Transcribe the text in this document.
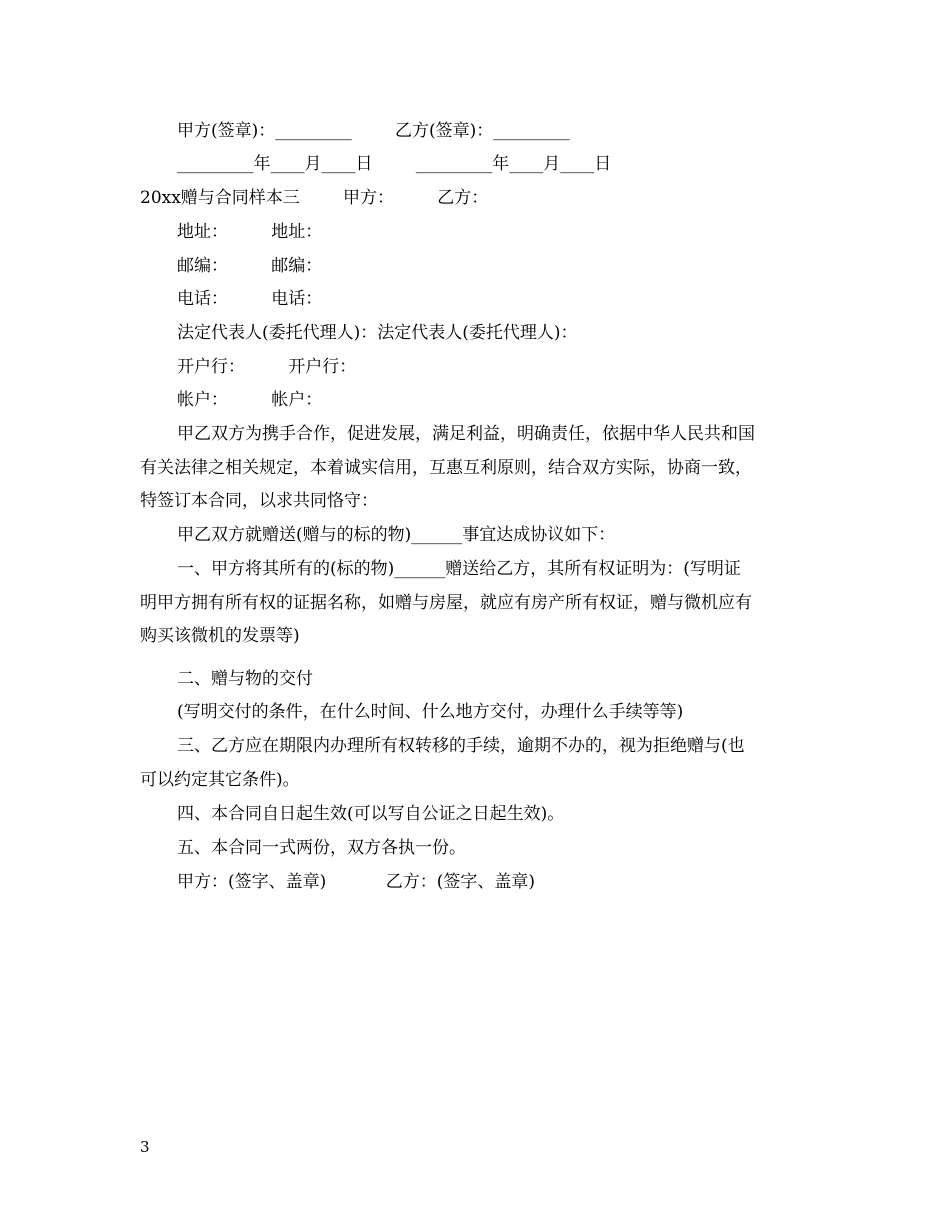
甲方(签章)：_________        乙方(签章)：_________
_________年____月____日        _________年____月____日
20xx赠与合同样本三        甲方：        乙方：
地址：        地址：
邮编：        邮编：
电话：        电话：
法定代表人(委托代理人)：法定代表人(委托代理人)：
开户行：        开户行：
帐户：        帐户：
甲乙双方为携手合作，促进发展，满足利益，明确责任，依据中华人民共和国
有关法律之相关规定，本着诚实信用，互惠互利原则，结合双方实际，协商一致，
特签订本合同，以求共同恪守：
甲乙双方就赠送(赠与的标的物)______事宜达成协议如下：
一、甲方将其所有的(标的物)______赠送给乙方，其所有权证明为：(写明证
明甲方拥有所有权的证据名称，如赠与房屋，就应有房产所有权证，赠与微机应有
购买该微机的发票等)
二、赠与物的交付
(写明交付的条件，在什么时间、什么地方交付，办理什么手续等等)
三、乙方应在期限内办理所有权转移的手续，逾期不办的，视为拒绝赠与(也
可以约定其它条件)。
四、本合同自日起生效(可以写自公证之日起生效)。
五、本合同一式两份，双方各执一份。
甲方：(签字、盖章)           乙方：(签字、盖章)
3
